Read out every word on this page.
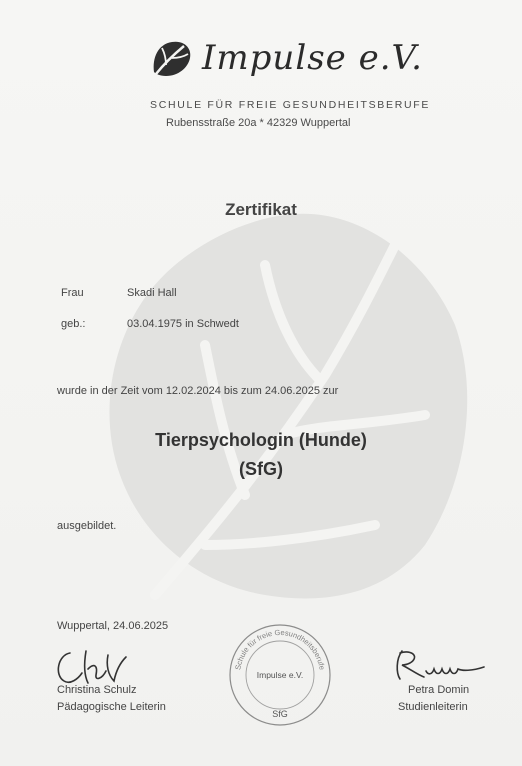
Impulse e.V.
SCHULE FÜR FREIE GESUNDHEITSBERUFE
Rubensstraße 20a * 42329 Wuppertal
Zertifikat
Frau	Skadi Hall
geb.:	03.04.1975 in Schwedt
wurde in der Zeit vom 12.02.2024 bis zum 24.06.2025 zur
Tierpsychologin (Hunde)
(SfG)
ausgebildet.
Wuppertal, 24.06.2025
Christina Schulz
Pädagogische Leiterin
Schule für freie Gesundheitsberufe
Impulse e.V.
SfG
Petra Domin
Studienleiterin
